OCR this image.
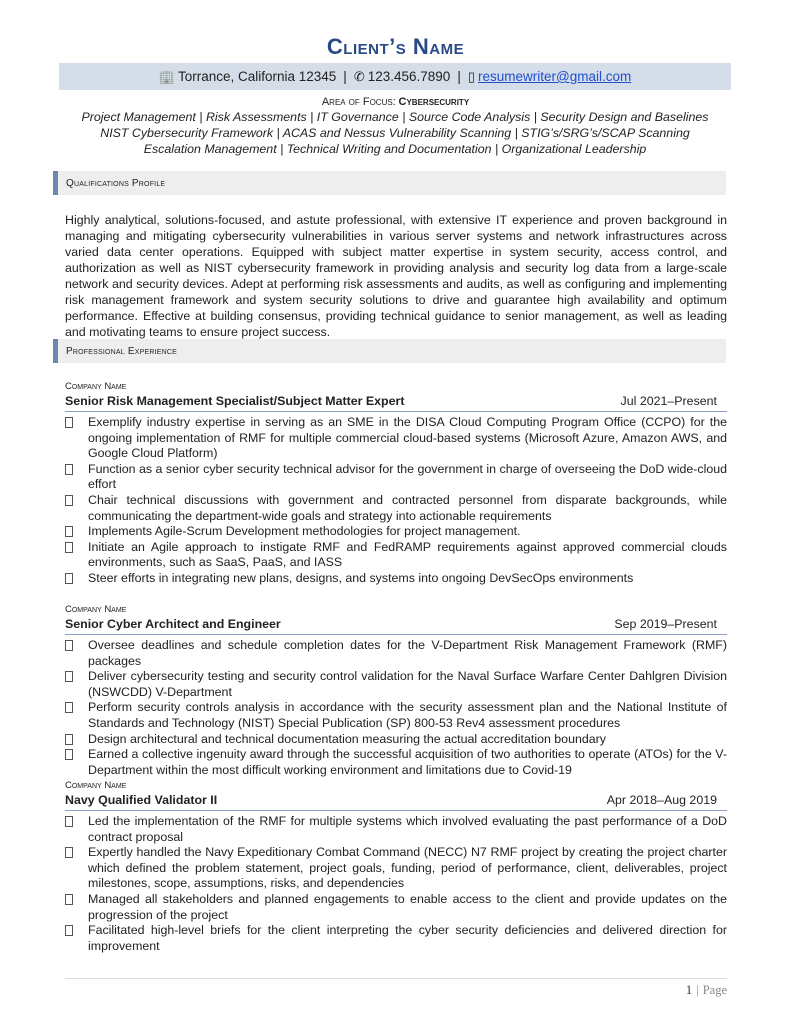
Client’s Name
🏢 Torrance, California 12345 | ✆ 123.456.7890 | ▯ resumewriter@gmail.com
Area of Focus: Cybersecurity
Project Management | Risk Assessments | IT Governance | Source Code Analysis | Security Design and Baselines
NIST Cybersecurity Framework | ACAS and Nessus Vulnerability Scanning | STIG’s/SRG’s/SCAP Scanning
Escalation Management | Technical Writing and Documentation | Organizational Leadership
Qualifications Profile
Highly analytical, solutions-focused, and astute professional, with extensive IT experience and proven background in managing and mitigating cybersecurity vulnerabilities in various server systems and network infrastructures across varied data center operations. Equipped with subject matter expertise in system security, access control, and authorization as well as NIST cybersecurity framework in providing analysis and security log data from a large-scale network and security devices. Adept at performing risk assessments and audits, as well as configuring and implementing risk management framework and system security solutions to drive and guarantee high availability and optimum performance. Effective at building consensus, providing technical guidance to senior management, as well as leading and motivating teams to ensure project success.
Professional Experience
Company Name
Senior Risk Management Specialist/Subject Matter Expert	Jul 2021–Present
Exemplify industry expertise in serving as an SME in the DISA Cloud Computing Program Office (CCPO) for the ongoing implementation of RMF for multiple commercial cloud-based systems (Microsoft Azure, Amazon AWS, and Google Cloud Platform)
Function as a senior cyber security technical advisor for the government in charge of overseeing the DoD wide-cloud effort
Chair technical discussions with government and contracted personnel from disparate backgrounds, while communicating the department-wide goals and strategy into actionable requirements
Implements Agile-Scrum Development methodologies for project management.
Initiate an Agile approach to instigate RMF and FedRAMP requirements against approved commercial clouds environments, such as SaaS, PaaS, and IASS
Steer efforts in integrating new plans, designs, and systems into ongoing DevSecOps environments
Company Name
Senior Cyber Architect and Engineer	Sep 2019–Present
Oversee deadlines and schedule completion dates for the V-Department Risk Management Framework (RMF) packages
Deliver cybersecurity testing and security control validation for the Naval Surface Warfare Center Dahlgren Division (NSWCDD) V-Department
Perform security controls analysis in accordance with the security assessment plan and the National Institute of Standards and Technology (NIST) Special Publication (SP) 800-53 Rev4 assessment procedures
Design architectural and technical documentation measuring the actual accreditation boundary
Earned a collective ingenuity award through the successful acquisition of two authorities to operate (ATOs) for the V-Department within the most difficult working environment and limitations due to Covid-19
Company Name
Navy Qualified Validator II	Apr 2018–Aug 2019
Led the implementation of the RMF for multiple systems which involved evaluating the past performance of a DoD contract proposal
Expertly handled the Navy Expeditionary Combat Command (NECC) N7 RMF project by creating the project charter which defined the problem statement, project goals, funding, period of performance, client, deliverables, project milestones, scope, assumptions, risks, and dependencies
Managed all stakeholders and planned engagements to enable access to the client and provide updates on the progression of the project
Facilitated high-level briefs for the client interpreting the cyber security deficiencies and delivered direction for improvement
1 | Page
